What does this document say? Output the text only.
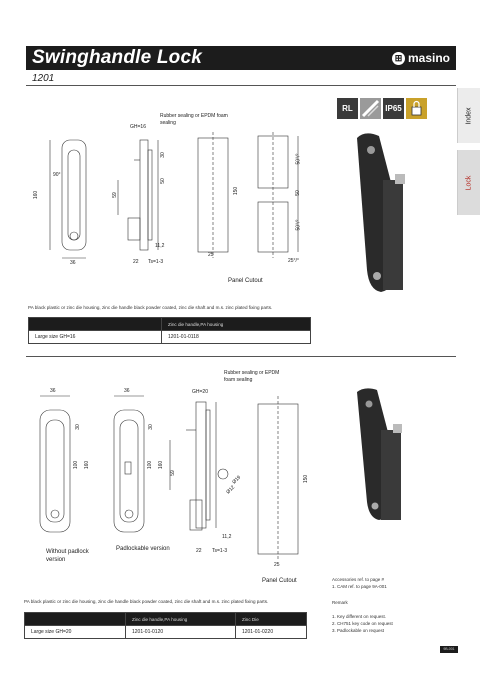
Swinghandle Lock	⊞ masino
1201
Index
Lock
RL	IP65
GH=16
Rubber sealing or EPDM foam sealing
160
90°
36
59
30
50
11,2
22 Ts=1-3
150
25
25°/°
50°/°
50
50°/°
Panel Cutout
PA black plastic or zinc die housing, zinc die handle black powder coated, zinc die shaft and m.s. zinc plated fixing parts.
	Zinc die handle,PA housing
Large size GH=16	1201-01-0118
GH=20
Rubber sealing or EPDM foam sealing
36	36
30
100 160
30
100 160
59
Ø19
Ø12
11,2
22 Ts=1-3
150
25
Without padlock version
Padlockable version
Panel Cutout	Accessories ref. to page #
1. CAM ref. to page 9A-001
Remark
1. Key different on request.
2. CH751 key code on request
3. Padlockable on request
PA black plastic or zinc die housing, zinc die handle black powder coated, zinc die shaft and m.s. zinc plated fixing parts.
	Zinc die handle,PA housing	Zinc Die
Large size GH=20	1201-01-0120	1201-01-0220
9B-001
